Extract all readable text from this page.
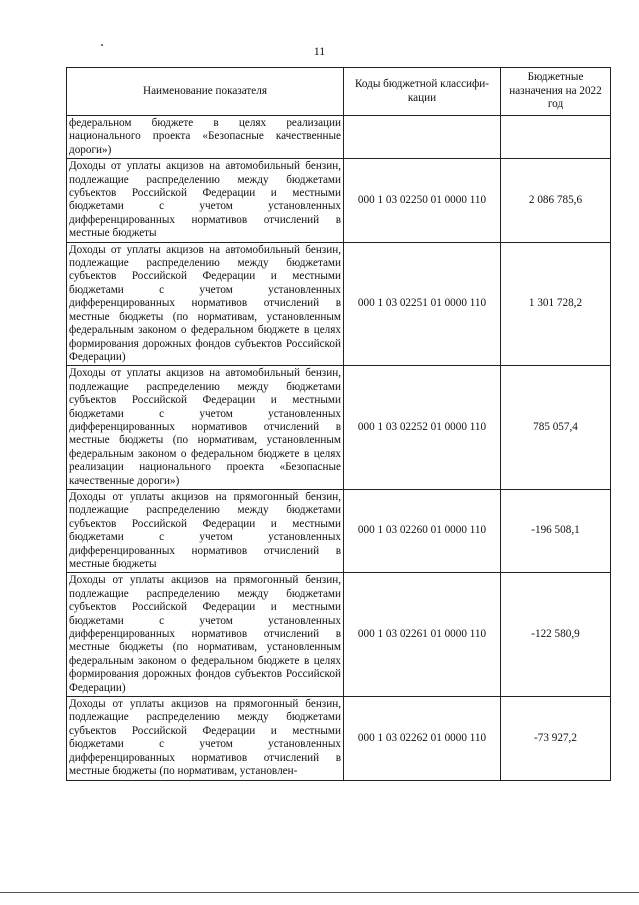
11
Наименование показателя	Коды бюджетной классифи-кации	Бюджетные назначения на 2022 год
федеральном бюджете в целях реализации национального проекта «Безопасные качественные дороги»)		
Доходы от уплаты акцизов на автомобильный бензин, подлежащие распределению между бюджетами субъектов Российской Федерации и местными бюджетами с учетом установленных дифференцированных нормативов отчислений в местные бюджеты	000 1 03 02250 01 0000 110	2 086 785,6
Доходы от уплаты акцизов на автомобильный бензин, подлежащие распределению между бюджетами субъектов Российской Федерации и местными бюджетами с учетом установленных дифференцированных нормативов отчислений в местные бюджеты (по нормативам, установленным федеральным законом о федеральном бюджете в целях формирования дорожных фондов субъектов Российской Федерации)	000 1 03 02251 01 0000 110	1 301 728,2
Доходы от уплаты акцизов на автомобильный бензин, подлежащие распределению между бюджетами субъектов Российской Федерации и местными бюджетами с учетом установленных дифференцированных нормативов отчислений в местные бюджеты (по нормативам, установленным федеральным законом о федеральном бюджете в целях реализации национального проекта «Безопасные качественные дороги»)	000 1 03 02252 01 0000 110	785 057,4
Доходы от уплаты акцизов на прямогонный бензин, подлежащие распределению между бюджетами субъектов Российской Федерации и местными бюджетами с учетом установленных дифференцированных нормативов отчислений в местные бюджеты	000 1 03 02260 01 0000 110	-196 508,1
Доходы от уплаты акцизов на прямогонный бензин, подлежащие распределению между бюджетами субъектов Российской Федерации и местными бюджетами с учетом установленных дифференцированных нормативов отчислений в местные бюджеты (по нормативам, установленным федеральным законом о федеральном бюджете в целях формирования дорожных фондов субъектов Российской Федерации)	000 1 03 02261 01 0000 110	-122 580,9
Доходы от уплаты акцизов на прямогонный бензин, подлежащие распределению между бюджетами субъектов Российской Федерации и местными бюджетами с учетом установленных дифференцированных нормативов отчислений в местные бюджеты (по нормативам, установлен-	000 1 03 02262 01 0000 110	-73 927,2
